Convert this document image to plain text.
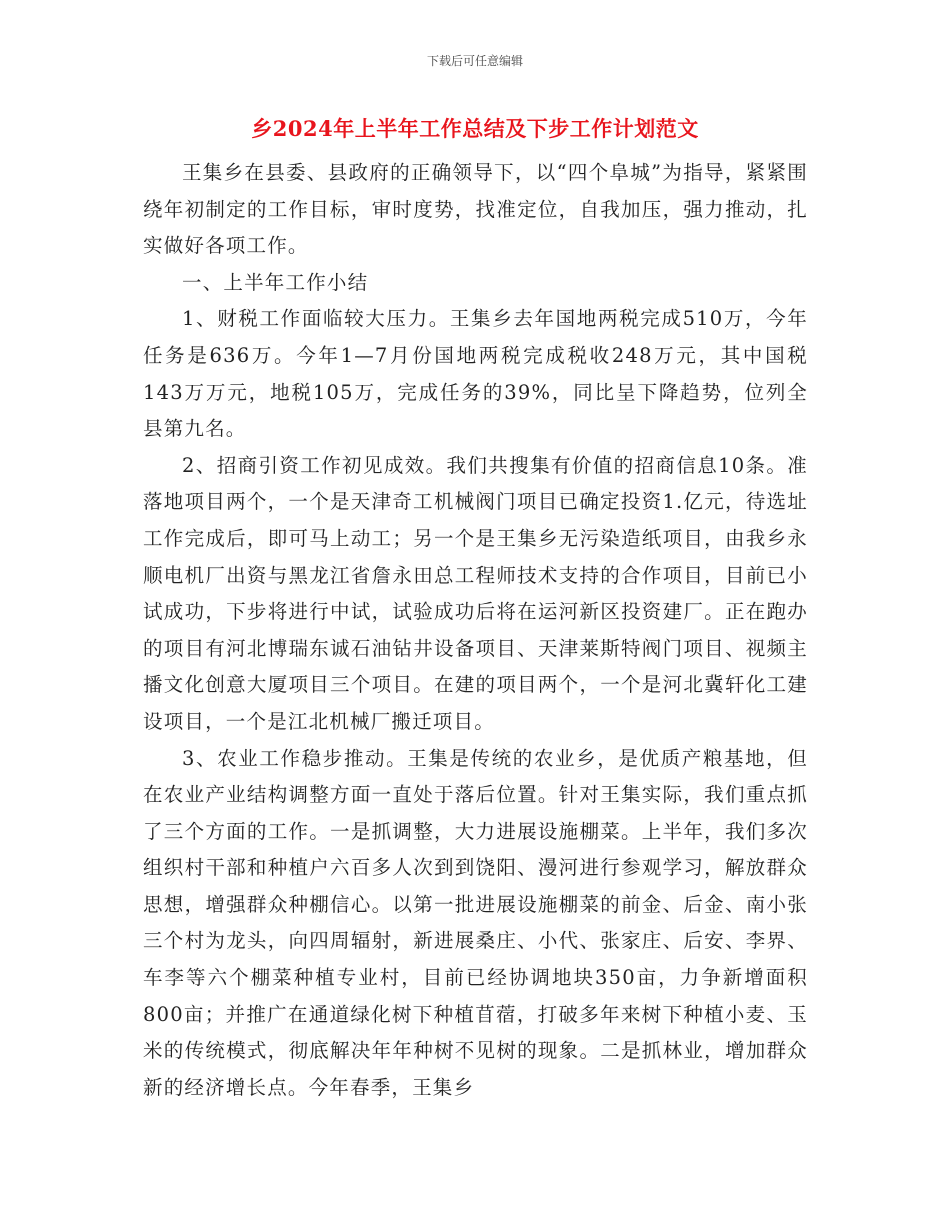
下载后可任意编辑
乡2024年上半年工作总结及下步工作计划范文

王集乡在县委、县政府的正确领导下，以“四个阜城”为指导，紧紧围绕年初制定的工作目标，审时度势，找准定位，自我加压，强力推动，扎实做好各项工作。

一、上半年工作小结

1、财税工作面临较大压力。王集乡去年国地两税完成510万，今年任务是636万。今年1—7月份国地两税完成税收248万元，其中国税143万万元，地税105万，完成任务的39%，同比呈下降趋势，位列全县第九名。

2、招商引资工作初见成效。我们共搜集有价值的招商信息10条。准落地项目两个，一个是天津奇工机械阀门项目已确定投资1.亿元，待选址工作完成后，即可马上动工；另一个是王集乡无污染造纸项目，由我乡永顺电机厂出资与黑龙江省詹永田总工程师技术支持的合作项目，目前已小试成功，下步将进行中试，试验成功后将在运河新区投资建厂。正在跑办的项目有河北博瑞东诚石油钻井设备项目、天津莱斯特阀门项目、视频主播文化创意大厦项目三个项目。在建的项目两个，一个是河北冀轩化工建设项目，一个是江北机械厂搬迁项目。

3、农业工作稳步推动。王集是传统的农业乡，是优质产粮基地，但在农业产业结构调整方面一直处于落后位置。针对王集实际，我们重点抓了三个方面的工作。一是抓调整，大力进展设施棚菜。上半年，我们多次组织村干部和种植户六百多人次到到饶阳、漫河进行参观学习，解放群众思想，增强群众种棚信心。以第一批进展设施棚菜的前金、后金、南小张三个村为龙头，向四周辐射，新进展桑庄、小代、张家庄、后安、李界、车李等六个棚菜种植专业村，目前已经协调地块350亩，力争新增面积800亩；并推广在通道绿化树下种植苜蓿，打破多年来树下种植小麦、玉米的传统模式，彻底解决年年种树不见树的现象。二是抓林业，增加群众新的经济增长点。今年春季，王集乡
